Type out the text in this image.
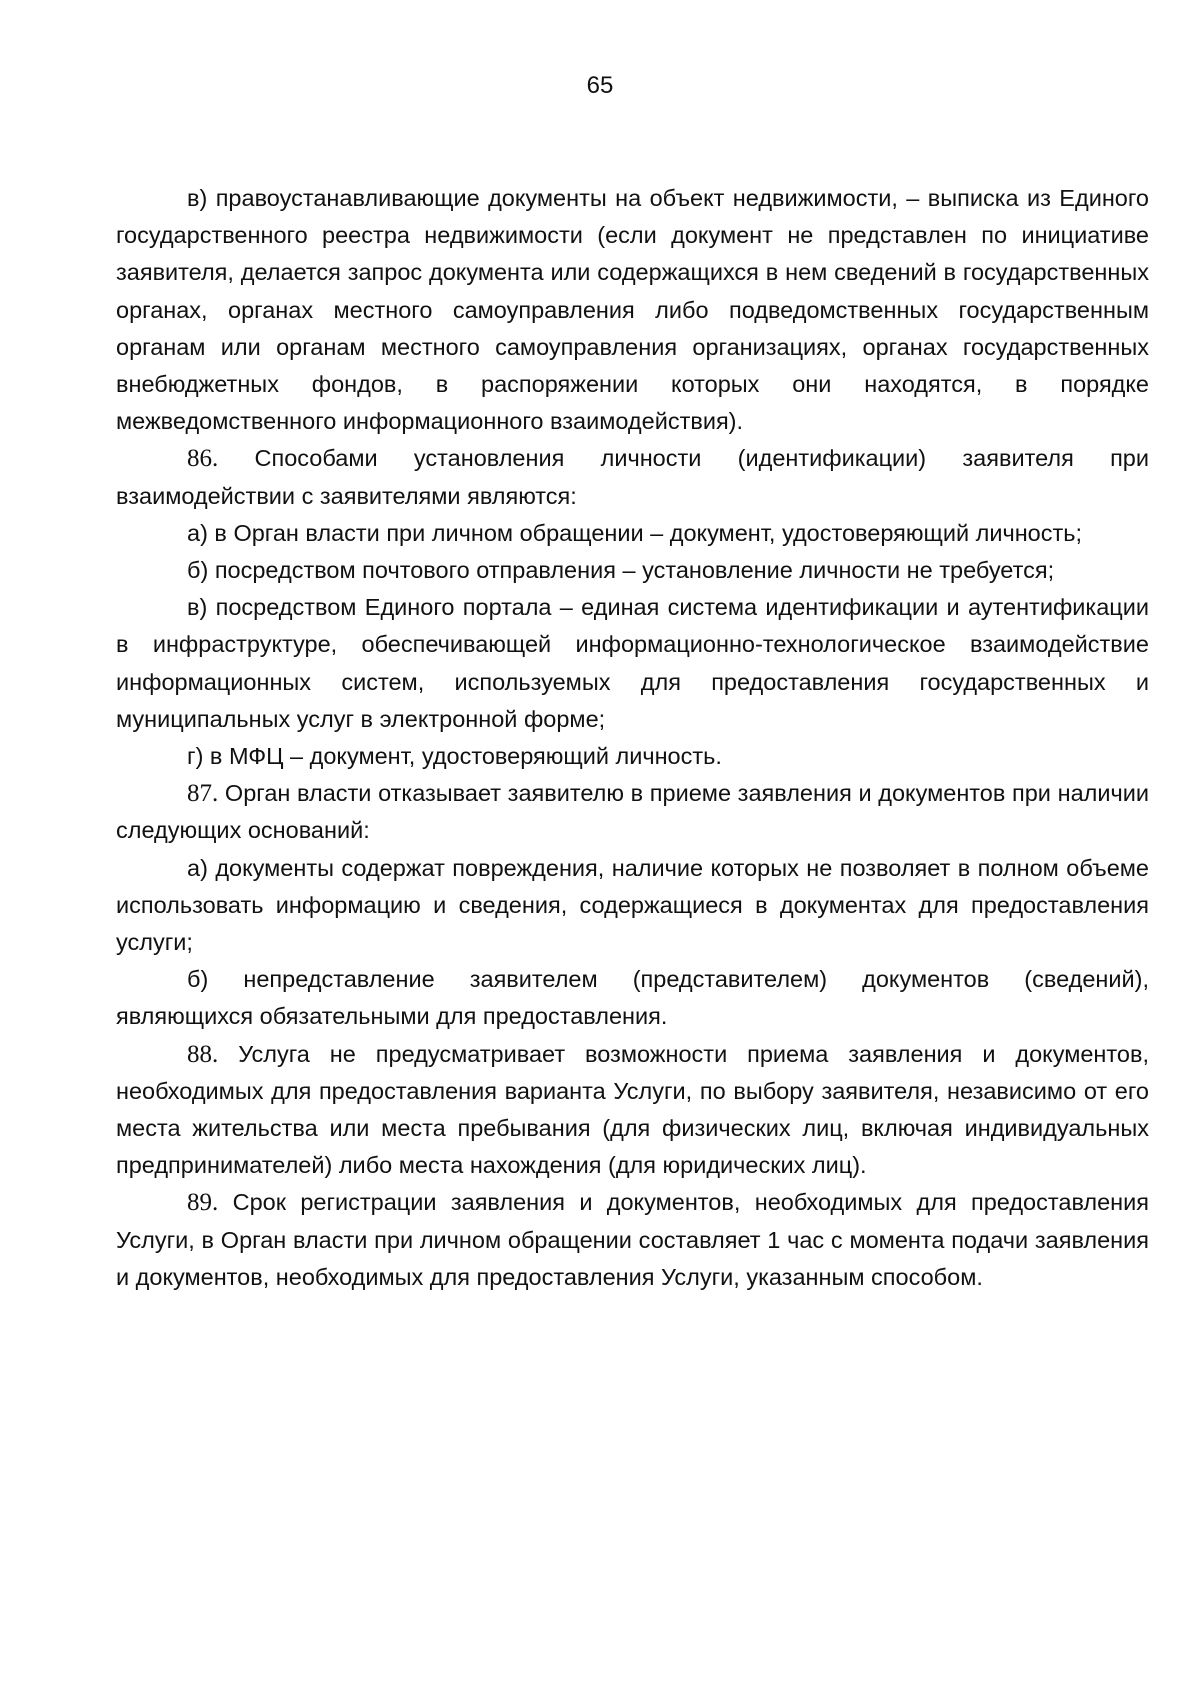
65

в) правоустанавливающие документы на объект недвижимости, – выписка из Единого государственного реестра недвижимости (если документ не представлен по инициативе заявителя, делается запрос документа или содержащихся в нем сведений в государственных органах, органах местного самоуправления либо подведомственных государственным органам или органам местного самоуправления организациях, органах государственных внебюджетных фондов, в распоряжении которых они находятся, в порядке межведомственного информационного взаимодействия).

86. Способами установления личности (идентификации) заявителя при взаимодействии с заявителями являются:

а) в Орган власти при личном обращении – документ, удостоверяющий личность;

б) посредством почтового отправления – установление личности не требуется;

в) посредством Единого портала – единая система идентификации и аутентификации в инфраструктуре, обеспечивающей информационно-технологическое взаимодействие информационных систем, используемых для предоставления государственных и муниципальных услуг в электронной форме;

г) в МФЦ – документ, удостоверяющий личность.

87. Орган власти отказывает заявителю в приеме заявления и документов при наличии следующих оснований:

а) документы содержат повреждения, наличие которых не позволяет в полном объеме использовать информацию и сведения, содержащиеся в документах для предоставления услуги;

б) непредставление заявителем (представителем) документов (сведений), являющихся обязательными для предоставления.

88. Услуга не предусматривает возможности приема заявления и документов, необходимых для предоставления варианта Услуги, по выбору заявителя, независимо от его места жительства или места пребывания (для физических лиц, включая индивидуальных предпринимателей) либо места нахождения (для юридических лиц).

89. Срок регистрации заявления и документов, необходимых для предоставления Услуги, в Орган власти при личном обращении составляет 1 час с момента подачи заявления и документов, необходимых для предоставления Услуги, указанным способом.
